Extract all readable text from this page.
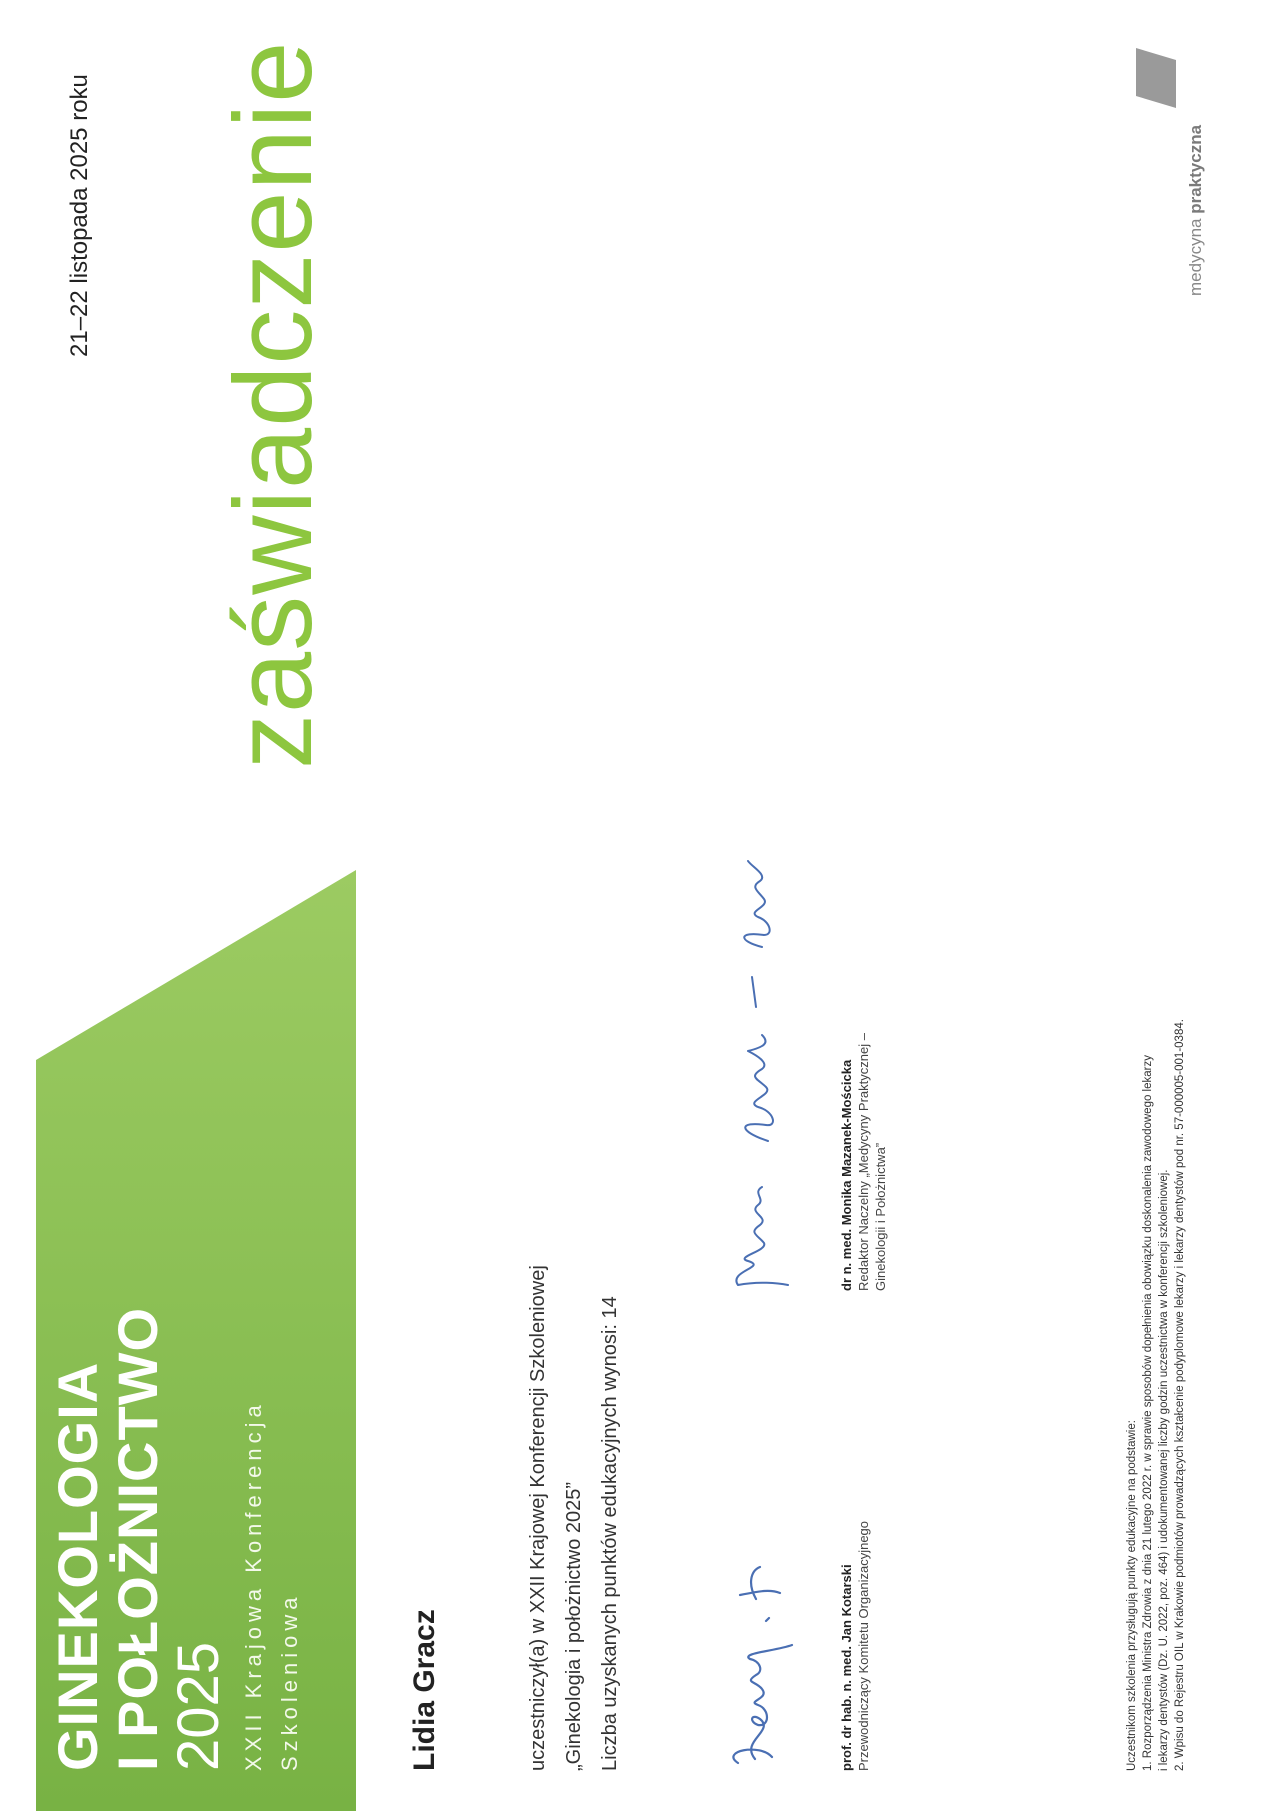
GINEKOLOGIA
I POŁOŻNICTWO
2025 XXII Krajowa Konferencja Szkoleniowa
zaświadczenie
21–22 listopada 2025 roku
Lidia Gracz	uczestniczył(a) w XXII Krajowej Konferencji Szkoleniowej „Ginekologia i położnictwo 2025” Liczba uzyskanych punktów edukacyjnych wynosi: 14	prof. dr hab. n. med. Jan Kotarski Przewodniczący Komitetu Organizacyjnego
dr n. med. Monika Mazanek-Mościcka Redaktor Naczelny „Medycyny Praktycznej – Ginekologii i Położnictwa”
Uczestnikom szkolenia przysługują punkty edukacyjne na podstawie: 1. Rozporządzenia Ministra Zdrowia z dnia 21 lutego 2022 r. w sprawie sposobów dopełnienia obowiązku doskonalenia zawodowego lekarzy i lekarzy dentystów (Dz. U. 2022, poz. 464) i udokumentowanej liczby godzin uczestnictwa w konferencji szkoleniowej. 2. Wpisu do Rejestru OIL w Krakowie podmiotów prowadzących kształcenie podyplomowe lekarzy i lekarzy dentystów pod nr. 57-000005-001-0384.
medycyna praktyczna
